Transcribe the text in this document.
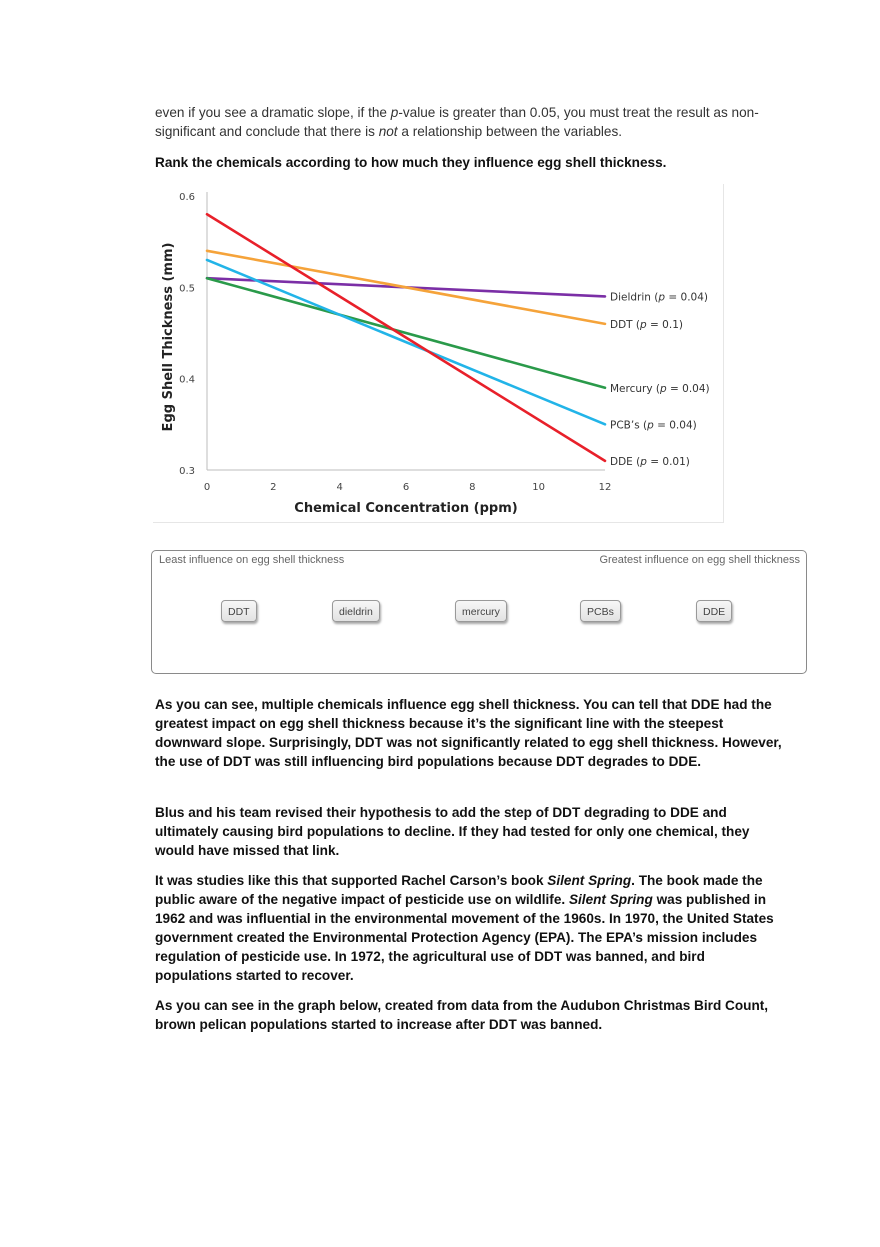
even if you see a dramatic slope, if the p-value is greater than 0.05, you must treat the result as non-significant and conclude that there is not a relationship between the variables.

Rank the chemicals according to how much they influence egg shell thickness.

0.3
0.4
0.5
0.6
0	2	4	6	8	10	12
Chemical Concentration (ppm)
Egg Shell Thickness (mm)	Dieldrin (p = 0.04)
DDT (p = 0.1)
Mercury (p = 0.04)
PCB’s (p = 0.04)
DDE (p = 0.01)
Least influence on egg shell thickness	Greatest influence on egg shell thickness
DDT	dieldrin	mercury	PCBs	DDE

As you can see, multiple chemicals influence egg shell thickness. You can tell that DDE had the greatest impact on egg shell thickness because it’s the significant line with the steepest downward slope. Surprisingly, DDT was not significantly related to egg shell thickness. However, the use of DDT was still influencing bird populations because DDT degrades to DDE.

Blus and his team revised their hypothesis to add the step of DDT degrading to DDE and ultimately causing bird populations to decline. If they had tested for only one chemical, they would have missed that link.

It was studies like this that supported Rachel Carson’s book Silent Spring. The book made the public aware of the negative impact of pesticide use on wildlife. Silent Spring was published in 1962 and was influential in the environmental movement of the 1960s. In 1970, the United States government created the Environmental Protection Agency (EPA). The EPA’s mission includes regulation of pesticide use. In 1972, the agricultural use of DDT was banned, and bird populations started to recover.

As you can see in the graph below, created from data from the Audubon Christmas Bird Count, brown pelican populations started to increase after DDT was banned.
